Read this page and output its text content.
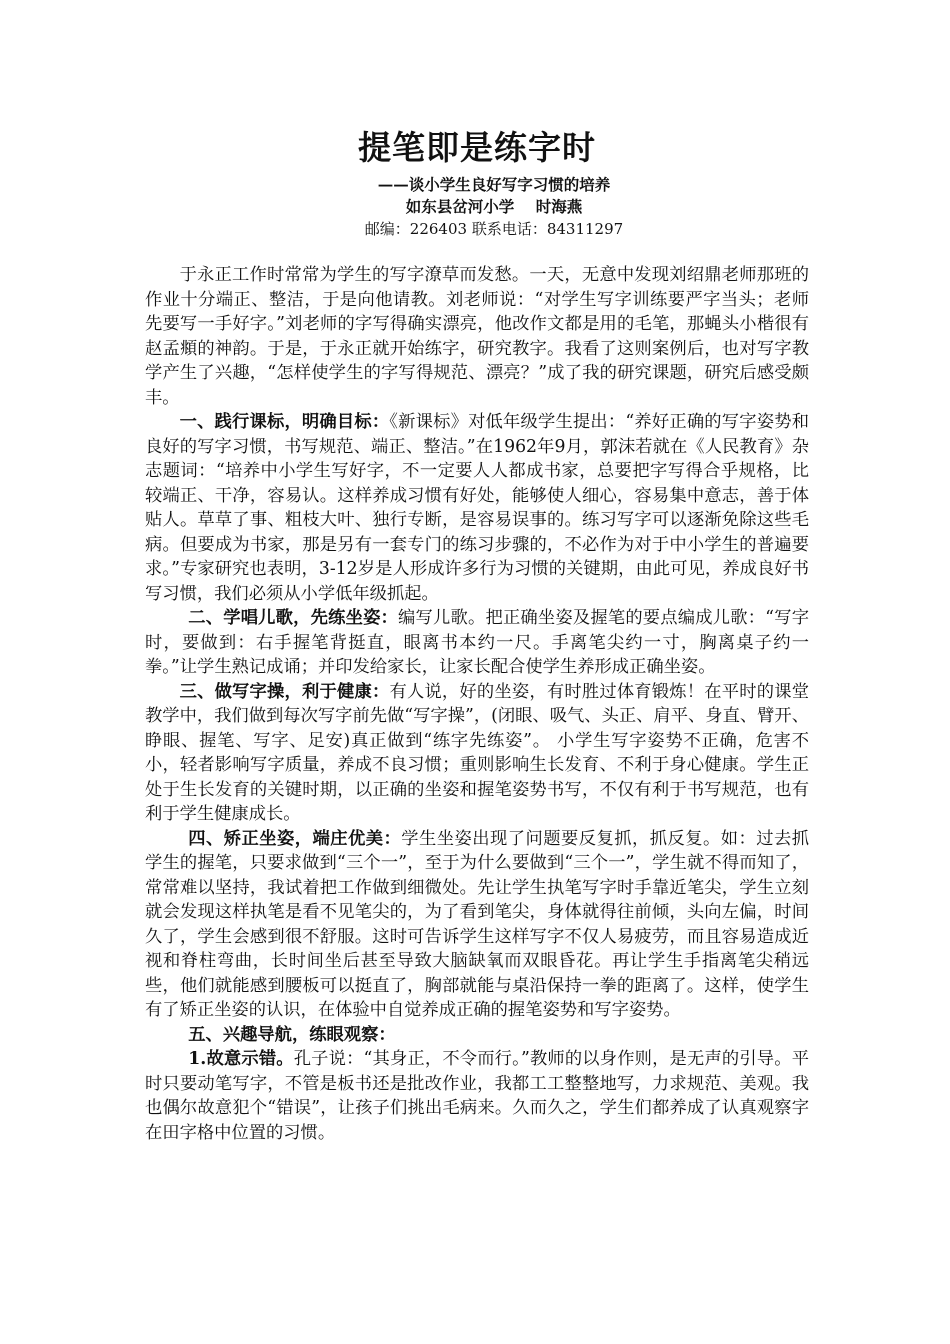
提笔即是练字时
——谈小学生良好写字习惯的培养
如东县岔河小学    时海燕
邮编：226403 联系电话：84311297

于永正工作时常常为学生的写字潦草而发愁。一天，无意中发现刘绍鼎老师那班的作业十分端正、整洁，于是向他请教。刘老师说：“对学生写字训练要严字当头；老师先要写一手好字。”刘老师的字写得确实漂亮，他改作文都是用的毛笔，那蝇头小楷很有赵孟頫的神韵。于是，于永正就开始练字，研究教字。我看了这则案例后，也对写字教学产生了兴趣，“怎样使学生的字写得规范、漂亮？”成了我的研究课题，研究后感受颇丰。

一、践行课标，明确目标：《新课标》对低年级学生提出：“养好正确的写字姿势和良好的写字习惯，书写规范、端正、整洁。”在1962年9月，郭沫若就在《人民教育》杂志题词：“培养中小学生写好字，不一定要人人都成书家，总要把字写得合乎规格，比较端正、干净，容易认。这样养成习惯有好处，能够使人细心，容易集中意志，善于体贴人。草草了事、粗枝大叶、独行专断，是容易误事的。练习写字可以逐渐免除这些毛病。但要成为书家，那是另有一套专门的练习步骤的，不必作为对于中小学生的普遍要求。”专家研究也表明，3-12岁是人形成许多行为习惯的关键期，由此可见，养成良好书写习惯，我们必须从小学低年级抓起。

二、学唱儿歌，先练坐姿：编写儿歌。把正确坐姿及握笔的要点编成儿歌：“写字时，要做到：右手握笔背挺直，眼离书本约一尺。手离笔尖约一寸，胸离桌子约一拳。”让学生熟记成诵；并印发给家长，让家长配合使学生养形成正确坐姿。

三、做写字操，利于健康：有人说，好的坐姿，有时胜过体育锻炼！在平时的课堂教学中，我们做到每次写字前先做“写字操”，(闭眼、吸气、头正、肩平、身直、臂开、睁眼、握笔、写字、足安)真正做到“练字先练姿”。 小学生写字姿势不正确，危害不小，轻者影响写字质量，养成不良习惯；重则影响生长发育、不利于身心健康。学生正处于生长发育的关键时期，以正确的坐姿和握笔姿势书写，不仅有利于书写规范，也有利于学生健康成长。

四、矫正坐姿，端庄优美：学生坐姿出现了问题要反复抓，抓反复。如：过去抓学生的握笔，只要求做到“三个一”，至于为什么要做到“三个一”，学生就不得而知了，常常难以坚持，我试着把工作做到细微处。先让学生执笔写字时手靠近笔尖，学生立刻就会发现这样执笔是看不见笔尖的，为了看到笔尖，身体就得往前倾，头向左偏，时间久了，学生会感到很不舒服。这时可告诉学生这样写字不仅人易疲劳，而且容易造成近视和脊柱弯曲，长时间坐后甚至导致大脑缺氧而双眼昏花。再让学生手指离笔尖稍远些，他们就能感到腰板可以挺直了，胸部就能与桌沿保持一拳的距离了。这样，使学生有了矫正坐姿的认识，在体验中自觉养成正确的握笔姿势和写字姿势。

五、兴趣导航，练眼观察：

1.故意示错。孔子说：“其身正，不令而行。”教师的以身作则，是无声的引导。平时只要动笔写字，不管是板书还是批改作业，我都工工整整地写，力求规范、美观。我也偶尔故意犯个“错误”，让孩子们挑出毛病来。久而久之，学生们都养成了认真观察字在田字格中位置的习惯。
